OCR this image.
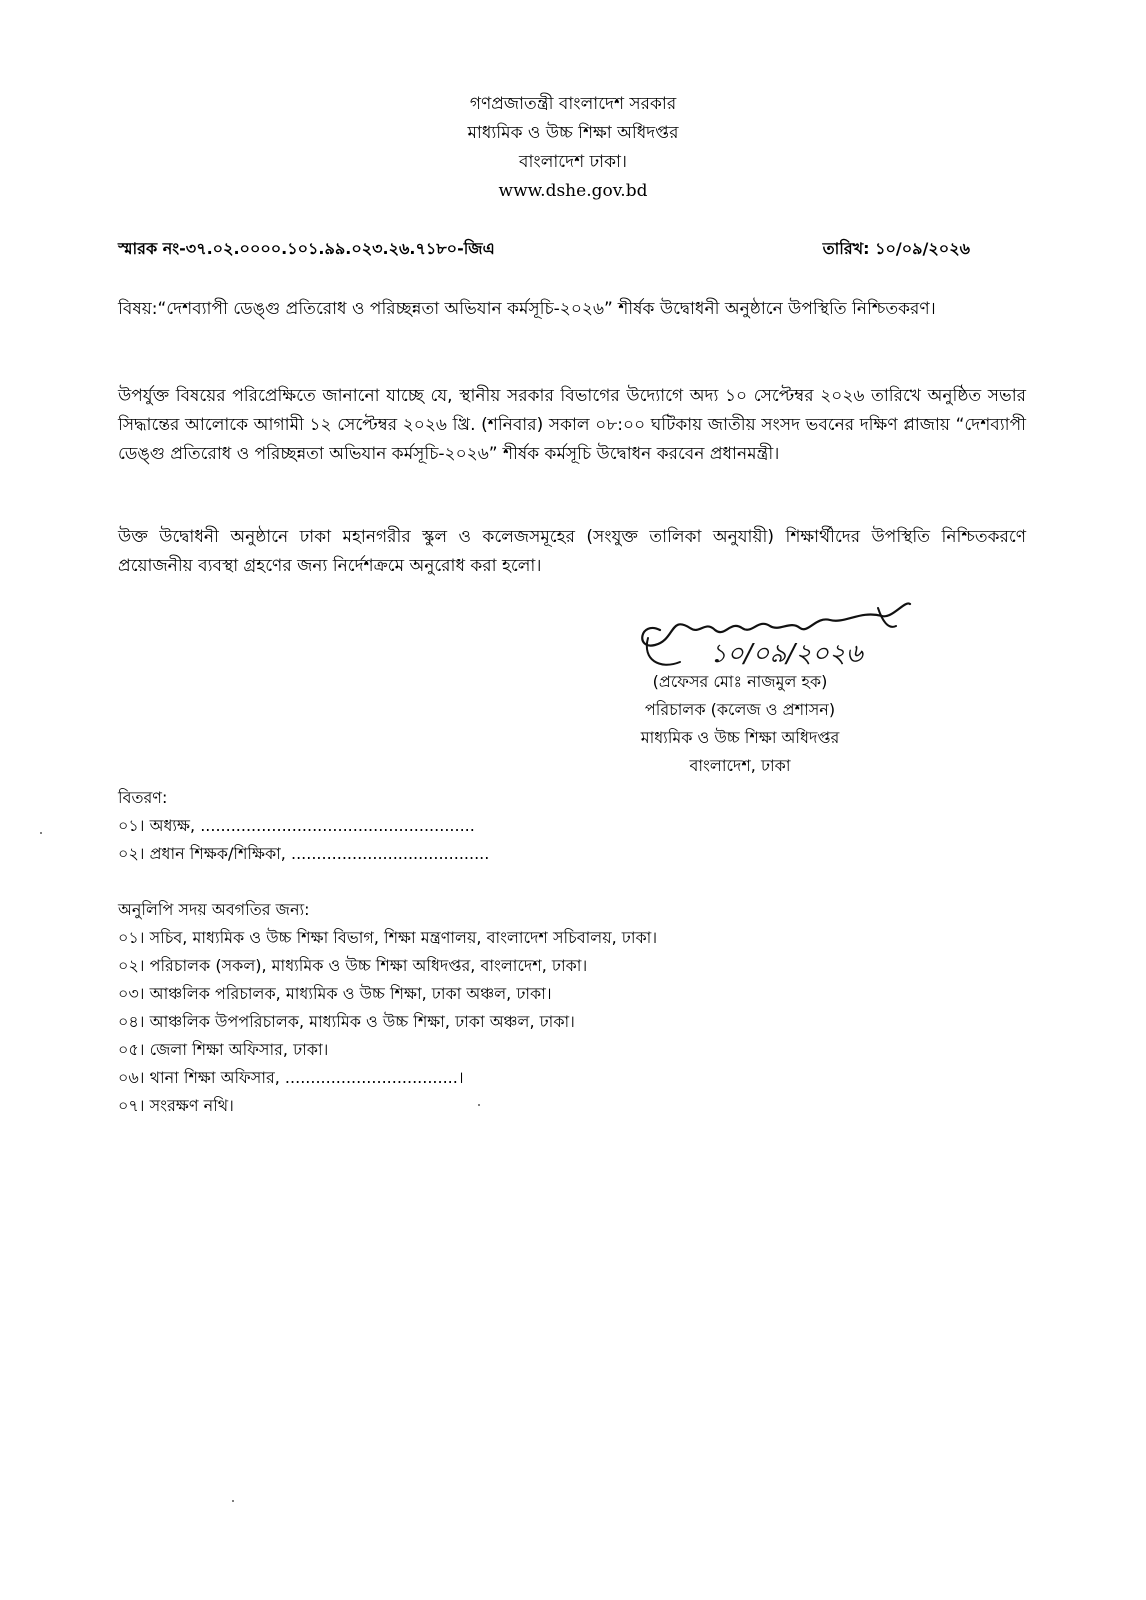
গণপ্রজাতন্ত্রী বাংলাদেশ সরকার
মাধ্যমিক ও উচ্চ শিক্ষা অধিদপ্তর
বাংলাদেশ ঢাকা।
www.dshe.gov.bd
স্মারক নং-৩৭.০২.০০০০.১০১.৯৯.০২৩.২৬.৭১৮০-জিএ	তারিখ: ১০/০৯/২০২৬
বিষয়: “দেশব্যাপী ডেঙ্গু প্রতিরোধ ও পরিচ্ছন্নতা অভিযান কর্মসূচি-২০২৬” শীর্ষক উদ্বোধনী অনুষ্ঠানে উপস্থিতি নিশ্চিতকরণ।
উপর্যুক্ত বিষয়ের পরিপ্রেক্ষিতে জানানো যাচ্ছে যে, স্থানীয় সরকার বিভাগের উদ্যোগে অদ্য ১০ সেপ্টেম্বর ২০২৬ তারিখে অনুষ্ঠিত সভার সিদ্ধান্তের আলোকে আগামী ১২ সেপ্টেম্বর ২০২৬ খ্রি. (শনিবার) সকাল ০৮:০০ ঘটিকায় জাতীয় সংসদ ভবনের দক্ষিণ প্লাজায় “দেশব্যাপী ডেঙ্গু প্রতিরোধ ও পরিচ্ছন্নতা অভিযান কর্মসূচি-২০২৬” শীর্ষক কর্মসূচি উদ্বোধন করবেন প্রধানমন্ত্রী।
উক্ত উদ্বোধনী অনুষ্ঠানে ঢাকা মহানগরীর স্কুল ও কলেজসমূহের (সংযুক্ত তালিকা অনুযায়ী) শিক্ষার্থীদের উপস্থিতি নিশ্চিতকরণে প্রয়োজনীয় ব্যবস্থা গ্রহণের জন্য নির্দেশক্রমে অনুরোধ করা হলো।
১০/০৯/২০২৬
(প্রফেসর মোঃ নাজমুল হক)
পরিচালক (কলেজ ও প্রশাসন)
মাধ্যমিক ও উচ্চ শিক্ষা অধিদপ্তর
বাংলাদেশ, ঢাকা
বিতরণ:
০১। অধ্যক্ষ, ......................................................
০২। প্রধান শিক্ষক/শিক্ষিকা, .......................................
অনুলিপি সদয় অবগতির জন্য:
০১। সচিব, মাধ্যমিক ও উচ্চ শিক্ষা বিভাগ, শিক্ষা মন্ত্রণালয়, বাংলাদেশ সচিবালয়, ঢাকা।
০২। পরিচালক (সকল), মাধ্যমিক ও উচ্চ শিক্ষা অধিদপ্তর, বাংলাদেশ, ঢাকা।
০৩। আঞ্চলিক পরিচালক, মাধ্যমিক ও উচ্চ শিক্ষা, ঢাকা অঞ্চল, ঢাকা।
০৪। আঞ্চলিক উপপরিচালক, মাধ্যমিক ও উচ্চ শিক্ষা, ঢাকা অঞ্চল, ঢাকা।
০৫। জেলা শিক্ষা অফিসার, ঢাকা।
০৬। থানা শিক্ষা অফিসার, ..................................।
০৭। সংরক্ষণ নথি।
